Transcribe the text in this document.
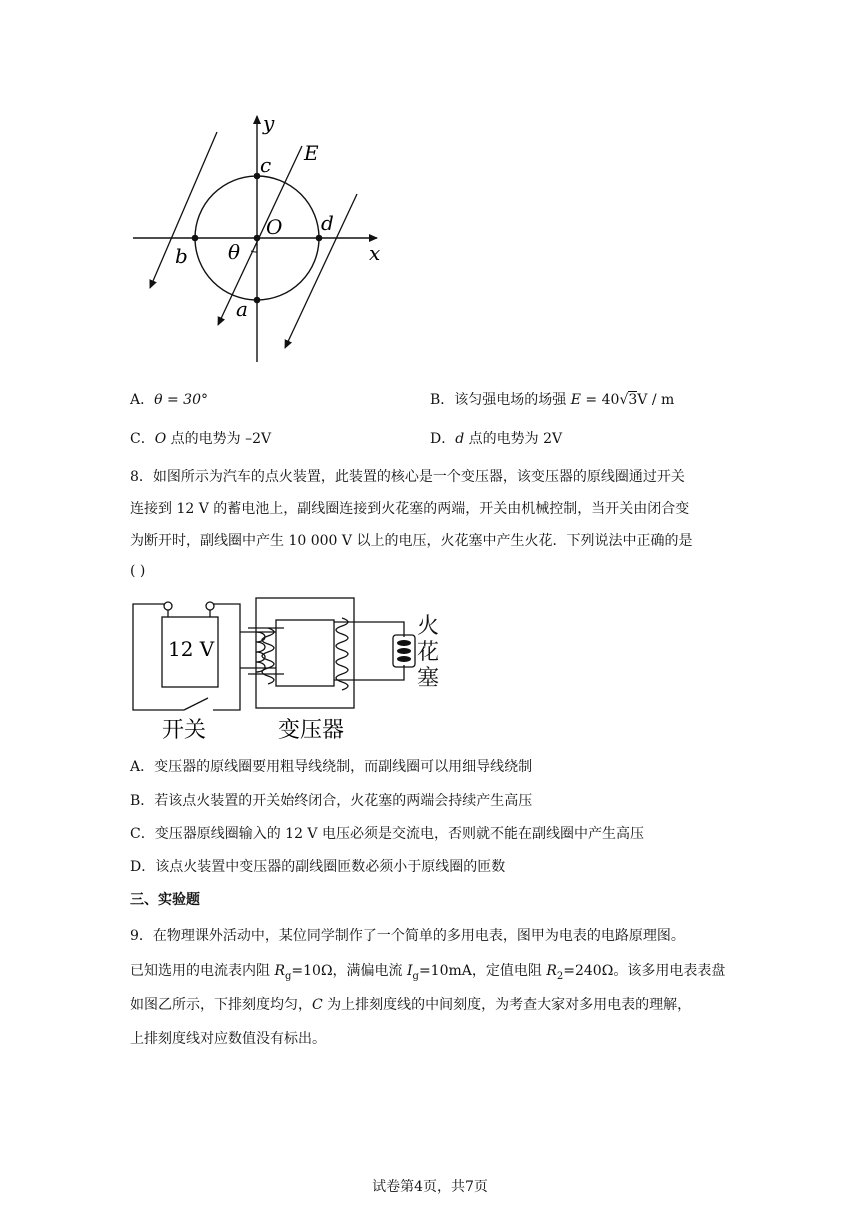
y
x
c E
O d
b θ
a
A．θ = 30°	B．该匀强电场的场强 E = 40√3V / m
C．O 点的电势为 –2V	D．d 点的电势为 2V
8．如图所示为汽车的点火装置，此装置的核心是一个变压器，该变压器的原线圈通过开关
连接到 12 V 的蓄电池上，副线圈连接到火花塞的两端，开关由机械控制，当开关由闭合变
为断开时，副线圈中产生 10 000 V 以上的电压，火花塞中产生火花．下列说法中正确的是
( )
12 V
开关	变压器
火花塞
A．变压器的原线圈要用粗导线绕制，而副线圈可以用细导线绕制
B．若该点火装置的开关始终闭合，火花塞的两端会持续产生高压
C．变压器原线圈输入的 12 V 电压必须是交流电，否则就不能在副线圈中产生高压
D．该点火装置中变压器的副线圈匝数必须小于原线圈的匝数
三、实验题
9．在物理课外活动中，某位同学制作了一个简单的多用电表，图甲为电表的电路原理图。
已知选用的电流表内阻 $R_g=10\Omega$，满偏电流 $I_g=10mA$，定值电阻 $R_2=240\Omega$。该多用电表表盘
如图乙所示，下排刻度均匀，C 为上排刻度线的中间刻度，为考查大家对多用电表的理解，
上排刻度线对应数值没有标出。
试卷第4页，共7页
